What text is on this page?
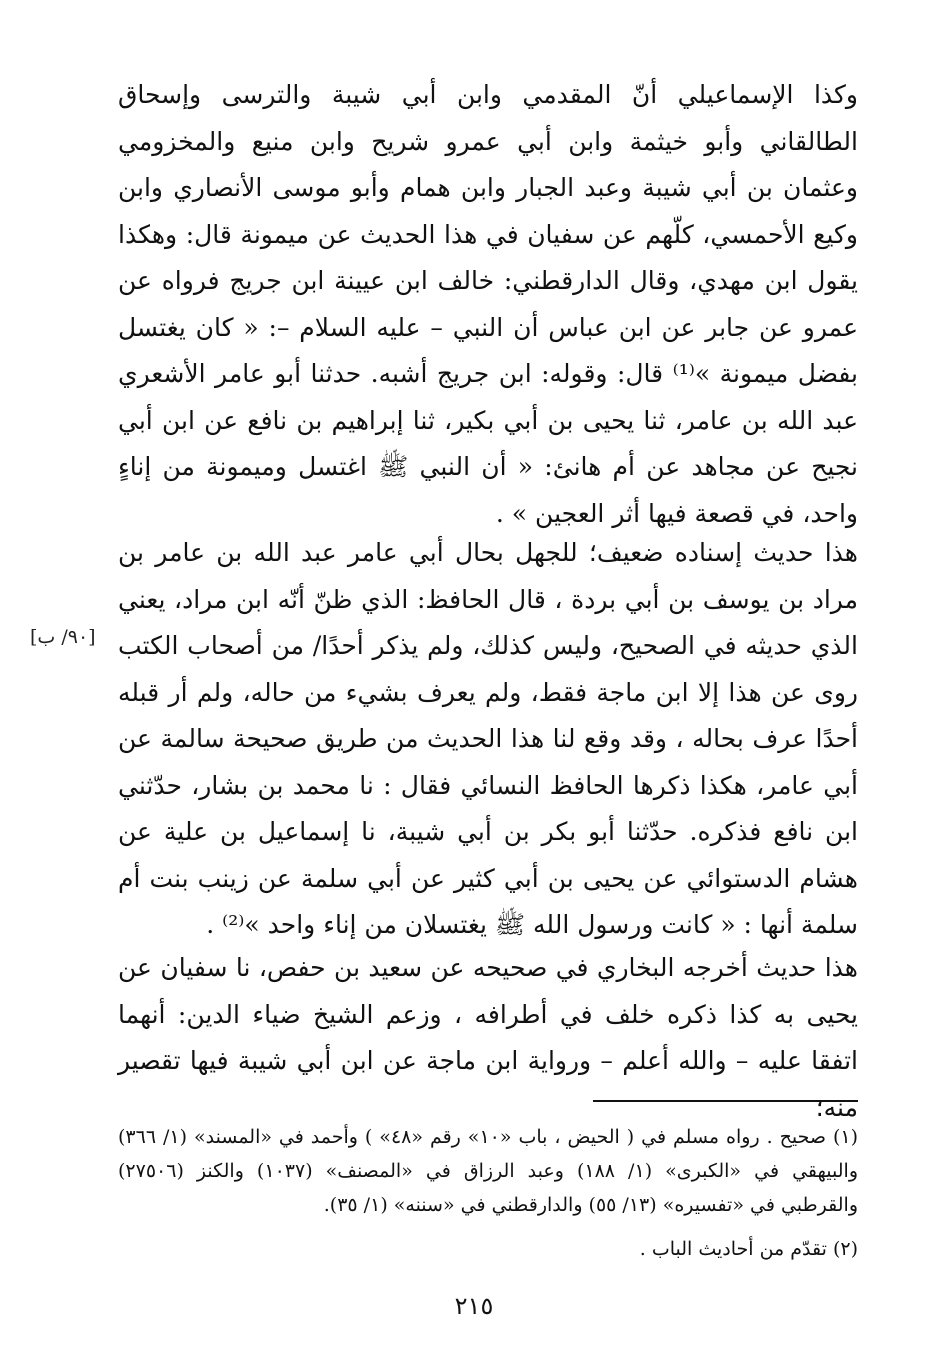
وكذا الإسماعيلي أنّ المقدمي وابن أبي شيبة والترسى وإسحاق الطالقاني وأبو خيثمة وابن أبي عمرو شريح وابن منيع والمخزومي وعثمان بن أبي شيبة وعبد الجبار وابن همام وأبو موسى الأنصاري وابن وكيع الأحمسي، كلّهم عن سفيان في هذا الحديث عن ميمونة قال: وهكذا يقول ابن مهدي، وقال الدارقطني: خالف ابن عيينة ابن جريج فرواه عن عمرو عن جابر عن ابن عباس أن النبي – عليه السلام –: « كان يغتسل بفضل ميمونة »⁽¹⁾ قال: وقوله: ابن جريج أشبه. حدثنا أبو عامر الأشعري عبد الله بن عامر، ثنا يحيى بن أبي بكير، ثنا إبراهيم بن نافع عن ابن أبي نجيح عن مجاهد عن أم هانئ: « أن النبي ﷺ اغتسل وميمونة من إناءٍ واحد، في قصعة فيها أثر العجين » .

هذا حديث إسناده ضعيف؛ للجهل بحال أبي عامر عبد الله بن عامر بن مراد بن يوسف بن أبي بردة ، قال الحافظ: الذي ظنّ أنّه ابن مراد، يعني الذي حديثه في الصحيح، وليس كذلك، ولم يذكر أحدًا/ من أصحاب الكتب روى عن هذا إلا ابن ماجة فقط، ولم يعرف بشيء من حاله، ولم أر قبله أحدًا عرف بحاله ، وقد وقع لنا هذا الحديث من طريق صحيحة سالمة عن أبي عامر، هكذا ذكرها الحافظ النسائي فقال : نا محمد بن بشار، حدّثني ابن نافع فذكره. حدّثنا أبو بكر بن أبي شيبة، نا إسماعيل بن علية عن هشام الدستوائي عن يحيى بن أبي كثير عن أبي سلمة عن زينب بنت أم سلمة أنها : « كانت ورسول الله ﷺ يغتسلان من إناء واحد »⁽²⁾ .

[٩٠/ ب]

هذا حديث أخرجه البخاري في صحيحه عن سعيد بن حفص، نا سفيان عن يحيى به كذا ذكره خلف في أطرافه ، وزعم الشيخ ضياء الدين: أنهما اتفقا عليه – والله أعلم – ورواية ابن ماجة عن ابن أبي شيبة فيها تقصير منه؛

(١) صحيح . رواه مسلم في ( الحيض ، باب «١٠» رقم «٤٨» ) وأحمد في «المسند» (١/ ٣٦٦) والبيهقي في «الكبرى» (١/ ١٨٨) وعبد الرزاق في «المصنف» (١٠٣٧) والكنز (٢٧٥٠٦) والقرطبي في «تفسيره» (١٣/ ٥٥) والدارقطني في «سننه» (١/ ٣٥).

(٢) تقدّم من أحاديث الباب .

٢١٥
